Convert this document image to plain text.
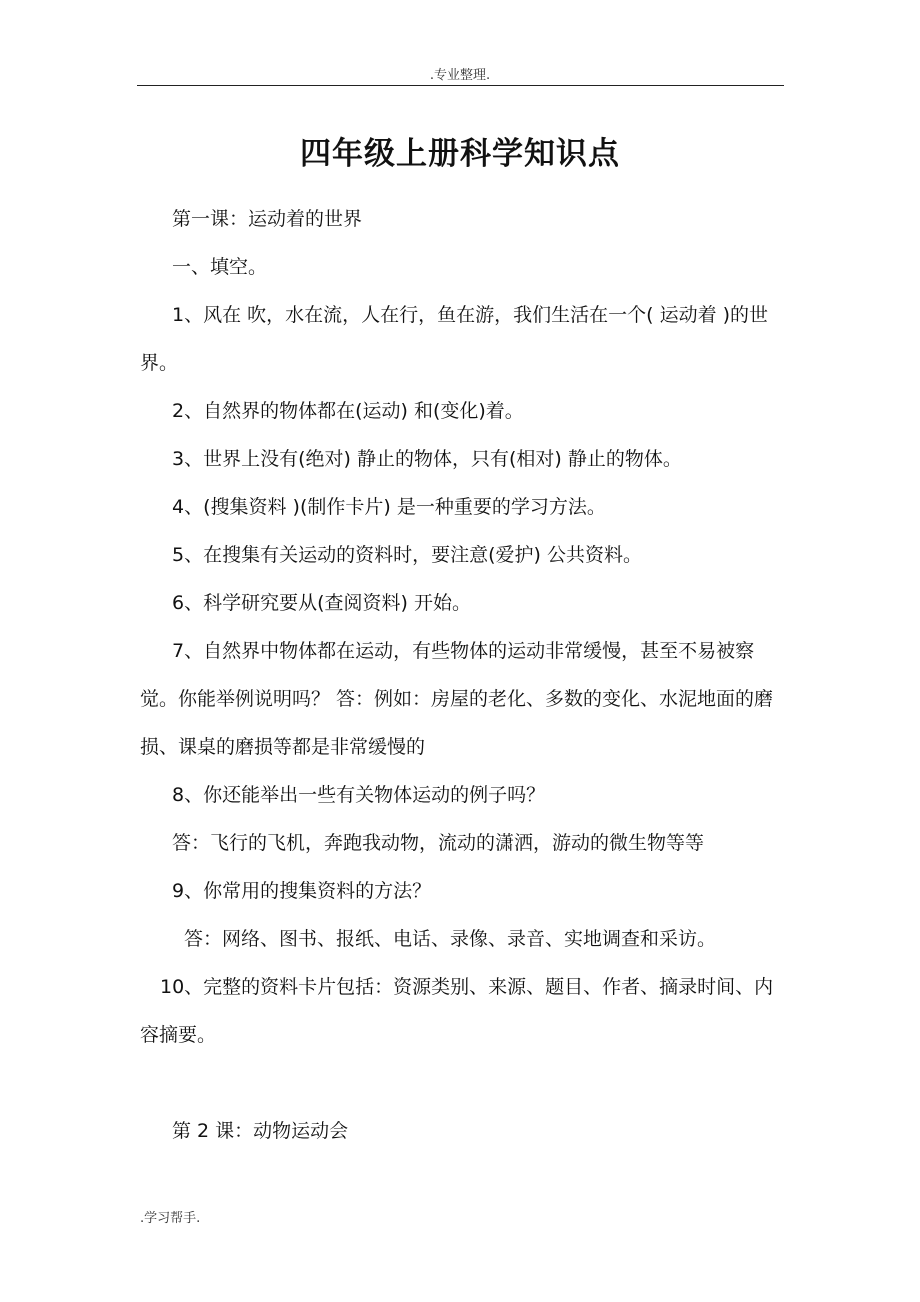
.专业整理.
四年级上册科学知识点

第一课：运动着的世界

一、填空。

1、风在 吹，水在流，人在行，鱼在游，我们生活在一个( 运动着 )的世界。

2、自然界的物体都在(运动) 和(变化)着。

3、世界上没有(绝对) 静止的物体，只有(相对) 静止的物体。

4、(搜集资料 )(制作卡片) 是一种重要的学习方法。

5、在搜集有关运动的资料时，要注意(爱护) 公共资料。

6、科学研究要从(查阅资料) 开始。

7、自然界中物体都在运动，有些物体的运动非常缓慢，甚至不易被察觉。你能举例说明吗？ 答：例如：房屋的老化、多数的变化、水泥地面的磨损、课桌的磨损等都是非常缓慢的

8、你还能举出一些有关物体运动的例子吗？

答：飞行的飞机，奔跑我动物，流动的潇洒，游动的微生物等等

9、你常用的搜集资料的方法？

答：网络、图书、报纸、电话、录像、录音、实地调查和采访。

10、完整的资料卡片包括：资源类别、来源、题目、作者、摘录时间、内容摘要。

第 2 课：动物运动会

.学习帮手.
